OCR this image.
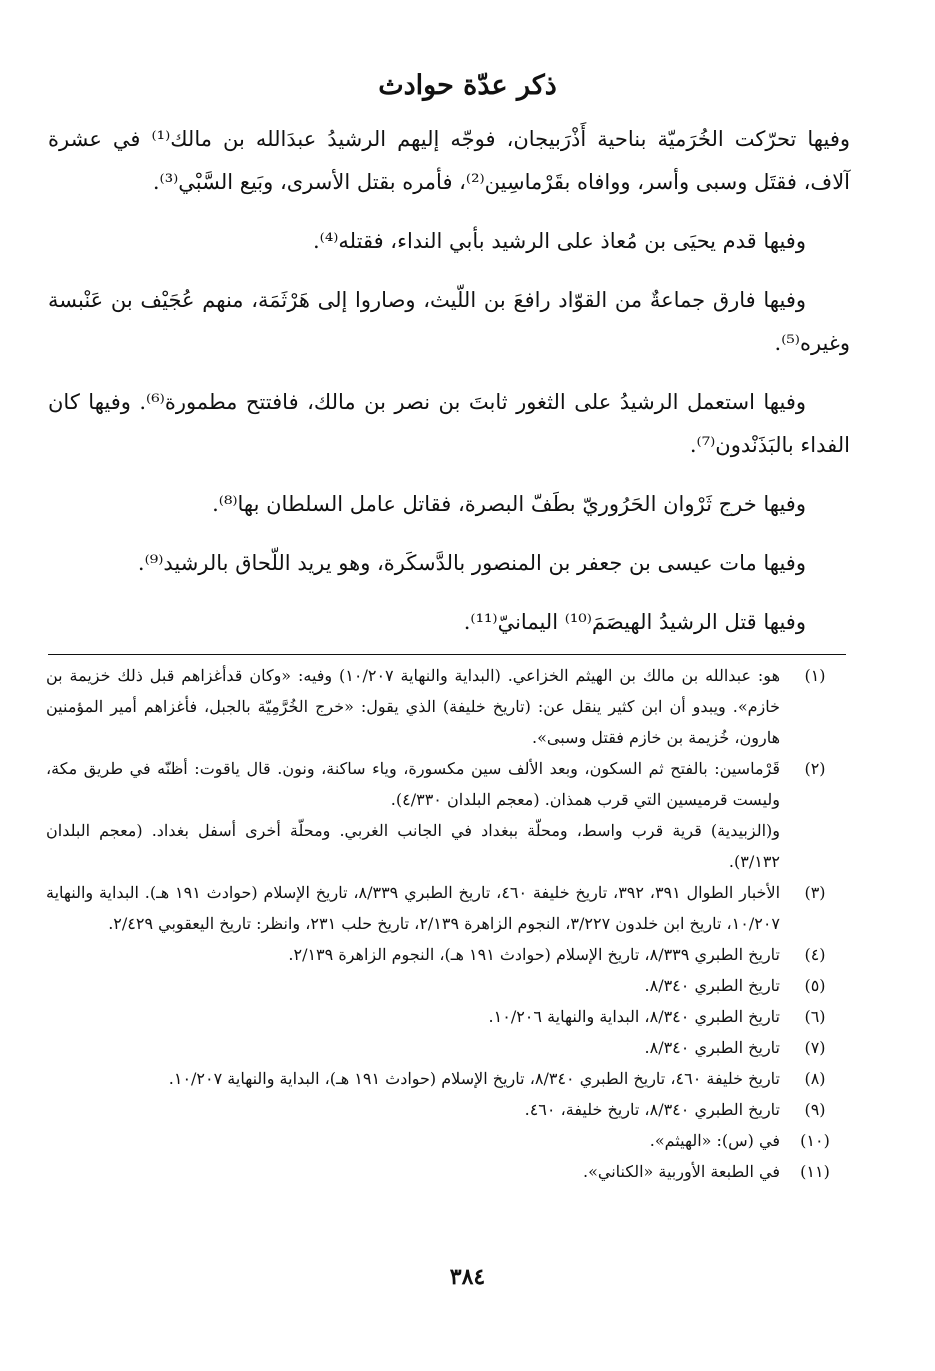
ذكر عدّة حوادث

وفيها تحرّكت الخُرَميّة بناحية أَذْرَبيجان، فوجّه إليهم الرشيدُ عبدَالله بن مالك⁽¹⁾ في عشرة آلاف، فقتَل وسبى وأسر، ووافاه بقَرْماسِين⁽²⁾، فأمره بقتل الأسرى، وبَيع السَّبْي⁽³⁾.

وفيها قدم يحيَى بن مُعاذ على الرشيد بأبي النداء، فقتله⁽⁴⁾.

وفيها فارق جماعةٌ من القوّاد رافعَ بن اللّيث، وصاروا إلى هَرْثَمَة، منهم عُجَيْف بن عَنْبسة وغيره⁽⁵⁾.

وفيها استعمل الرشيدُ على الثغور ثابتَ بن نصر بن مالك، فافتتح مطمورة⁽⁶⁾. وفيها كان الفداء بالبَذَنْدون⁽⁷⁾.

وفيها خرج ثَرْوان الحَرُوريّ بطَفّ البصرة، فقاتل عامل السلطان بها⁽⁸⁾.

وفيها مات عيسى بن جعفر بن المنصور بالدَّسكَرة، وهو يريد اللّحاق بالرشيد⁽⁹⁾.

وفيها قتل الرشيدُ الهيصَمَ⁽¹⁰⁾ اليمانيّ⁽¹¹⁾.

(١)

هو: عبدالله بن مالك بن الهيثم الخزاعي. (البداية والنهاية ١٠/٢٠٧) وفيه: «وكان قدأغزاهم قبل ذلك خزيمة بن خازم». ويبدو أن ابن كثير ينقل عن: (تاريخ خليفة) الذي يقول: «خرج الخُرَّمِيّة بالجبل، فأغزاهم أمير المؤمنين هارون، خُزيمة بن خازم فقتل وسبى».

(٢)

قَرْماسين: بالفتح ثم السكون، وبعد الألف سين مكسورة، وياء ساكنة، ونون. قال ياقوت: أظنّه في طريق مكة، وليست قرميسين التي قرب همذان. (معجم البلدان ٤/٣٣٠).

و(الزبيدية) قرية قرب واسط، ومحلّة ببغداد في الجانب الغربي. ومحلّة أخرى أسفل بغداد. (معجم البلدان ٣/١٣٢).

(٣)

الأخبار الطوال ٣٩١، ٣٩٢، تاريخ خليفة ٤٦٠، تاريخ الطبري ٨/٣٣٩، تاريخ الإسلام (حوادث ١٩١ هـ). البداية والنهاية ١٠/٢٠٧، تاريخ ابن خلدون ٣/٢٢٧، النجوم الزاهرة ٢/١٣٩، تاريخ حلب ٢٣١، وانظر: تاريخ اليعقوبي ٢/٤٢٩.

(٤)

تاريخ الطبري ٨/٣٣٩، تاريخ الإسلام (حوادث ١٩١ هـ)، النجوم الزاهرة ٢/١٣٩.

(٥)

تاريخ الطبري ٨/٣٤٠.

(٦)

تاريخ الطبري ٨/٣٤٠، البداية والنهاية ١٠/٢٠٦.

(٧)

تاريخ الطبري ٨/٣٤٠.

(٨)

تاريخ خليفة ٤٦٠، تاريخ الطبري ٨/٣٤٠، تاريخ الإسلام (حوادث ١٩١ هـ)، البداية والنهاية ١٠/٢٠٧.

(٩)

تاريخ الطبري ٨/٣٤٠، تاريخ خليفة، ٤٦٠.

(١٠)

في (س): «الهيثم».

(١١)

في الطبعة الأوربية «الكناني».

٣٨٤
